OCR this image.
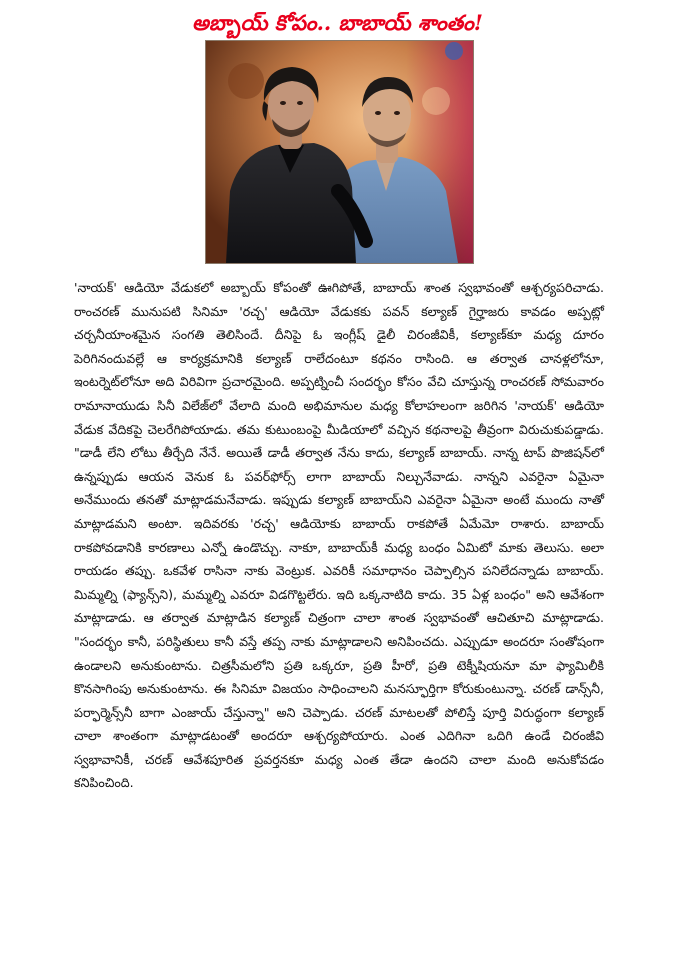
అబ్బాయ్ కోపం.. బాబాయ్ శాంతం!

'నాయక్' ఆడియో వేడుకలో అబ్బాయ్ కోపంతో ఊగిపోతే, బాబాయ్ శాంత స్వభావంతో ఆశ్చర్యపరిచాడు. రాంచరణ్ మునుపటి సినిమా 'రచ్చ' ఆడియో వేడుకకు పవన్ కల్యాణ్ గైర్హాజరు కావడం అప్పట్లో చర్చనీయాంశమైన సంగతి తెలిసిందే. దీనిపై ఓ ఇంగ్లీష్ డైలీ చిరంజీవికీ, కల్యాణ్‌కూ మధ్య దూరం పెరిగినందువల్లే ఆ కార్యక్రమానికి కల్యాణ్ రాలేదంటూ కథనం రాసింది. ఆ తర్వాత చానళ్లలోనూ, ఇంటర్నెట్‌లోనూ అది విరివిగా ప్రచారమైంది. అప్పట్నించీ సందర్భం కోసం వేచి చూస్తున్న రాంచరణ్ సోమవారం రామానాయుడు సినీ విలేజ్‌లో వేలాది మంది అభిమానుల మధ్య కోలాహలంగా జరిగిన 'నాయక్' ఆడియో వేడుక వేదికపై చెలరేగిపోయాడు. తమ కుటుంబంపై మీడియాలో వచ్చిన కథనాలపై తీవ్రంగా విరుచుకుపడ్డాడు. "డాడీ లేని లోటు తీర్చేది నేనే. అయితే డాడీ తర్వాత నేను కాదు, కల్యాణ్ బాబాయ్. నాన్న టాప్ పొజిషన్‌లో ఉన్నప్పుడు ఆయన వెనుక ఓ పవర్‌ఫోర్స్ లాగా బాబాయ్ నిల్చునేవాడు. నాన్నని ఎవరైనా ఏమైనా అనేముందు తనతో మాట్లాడమనేవాడు. ఇప్పుడు కల్యాణ్ బాబాయ్‌ని ఎవరైనా ఏమైనా అంటే ముందు నాతో మాట్లాడమని అంటా. ఇదివరకు 'రచ్చ' ఆడియోకు బాబాయ్ రాకపోతే ఏమేమో రాశారు. బాబాయ్ రాకపోవడానికి కారణాలు ఎన్నో ఉండొచ్చు. నాకూ, బాబాయ్‌కీ మధ్య బంధం ఏమిటో మాకు తెలుసు. అలా రాయడం తప్పు. ఒకవేళ రాసినా నాకు వెంట్రుక. ఎవరికీ సమాధానం చెప్పాల్సిన పనిలేదన్నాడు బాబాయ్. మిమ్మల్ని (ఫ్యాన్స్‌ని), మమ్మల్ని ఎవరూ విడగొట్టలేరు. ఇది ఒక్కనాటిది కాదు. 35 ఏళ్ల బంధం" అని ఆవేశంగా మాట్లాడాడు. ఆ తర్వాత మాట్లాడిన కల్యాణ్ చిత్రంగా చాలా శాంత స్వభావంతో ఆచితూచి మాట్లాడాడు. "సందర్భం కానీ, పరిస్థితులు కానీ వస్తే తప్ప నాకు మాట్లాడాలని అనిపించదు. ఎప్పుడూ అందరూ సంతోషంగా ఉండాలని అనుకుంటాను. చిత్రసీమలోని ప్రతి ఒక్కరూ, ప్రతి హీరో, ప్రతి టెక్నీషియనూ మా ఫ్యామిలీకి కొనసాగింపు అనుకుంటాను. ఈ సినిమా విజయం సాధించాలని మనస్ఫూర్తిగా కోరుకుంటున్నా. చరణ్ డాన్స్‌నీ, పర్ఫార్మెన్స్‌నీ బాగా ఎంజాయ్ చేస్తున్నా" అని చెప్పాడు. చరణ్ మాటలతో పోలిస్తే పూర్తి విరుద్ధంగా కల్యాణ్ చాలా శాంతంగా మాట్లాడటంతో అందరూ ఆశ్చర్యపోయారు. ఎంత ఎదిగినా ఒదిగి ఉండే చిరంజీవి స్వభావానికీ, చరణ్ ఆవేశపూరిత ప్రవర్తనకూ మధ్య ఎంత తేడా ఉందని చాలా మంది అనుకోవడం కనిపించింది.
